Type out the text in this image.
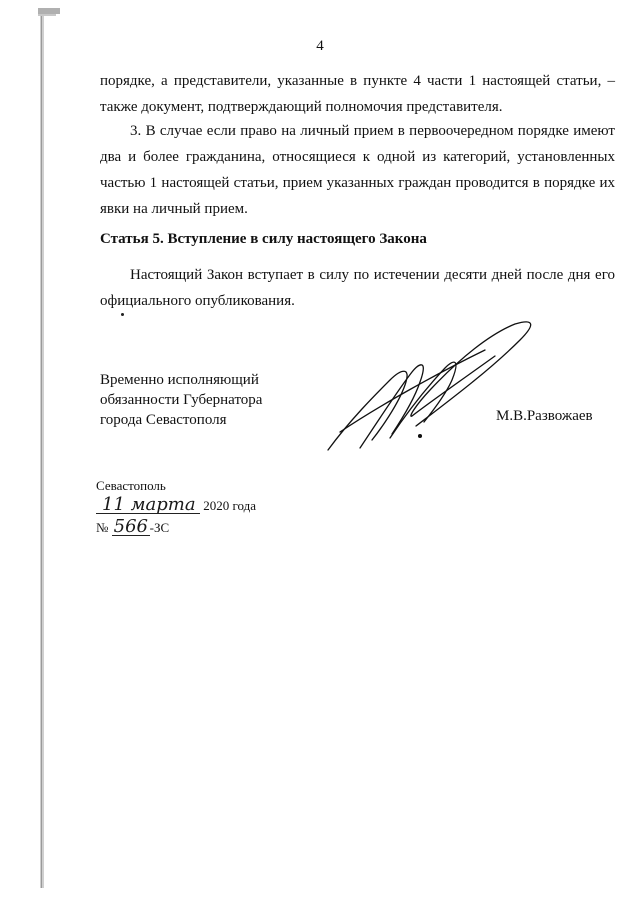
4
порядке, а представители, указанные в пункте 4 части 1 настоящей статьи, – также документ, подтверждающий полномочия представителя.
3. В случае если право на личный прием в первоочередном порядке имеют два и более гражданина, относящиеся к одной из категорий, установленных частью 1 настоящей статьи, прием указанных граждан проводится в порядке их явки на личный прием.
Статья 5. Вступление в силу настоящего Закона
Настоящий Закон вступает в силу по истечении десяти дней после дня его официального опубликования.
Временно исполняющий
обязанности Губернатора
города Севастополя	М.В.Развожаев
Севастополь
11 марта 2020 года
№ 566 -ЗС
